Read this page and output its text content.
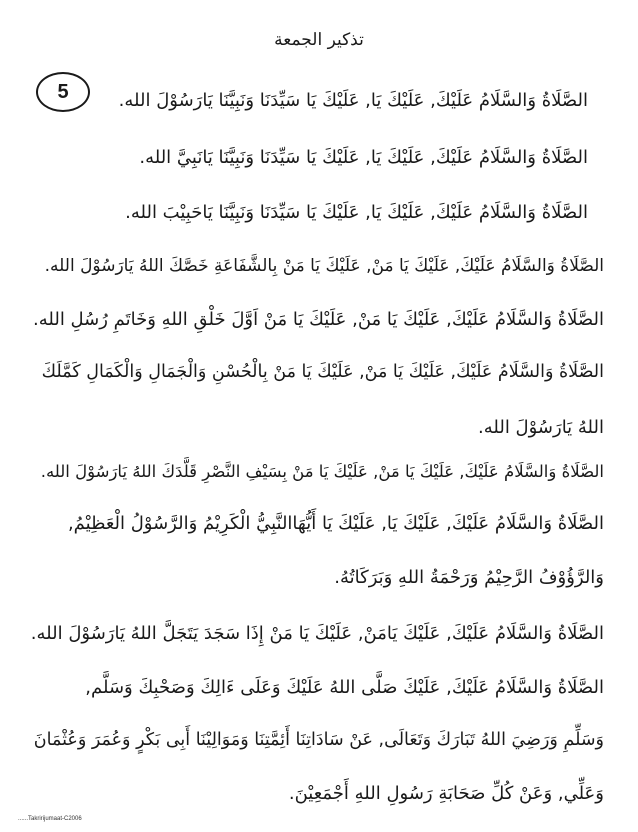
تذكير الجمعة
5	الصَّلَاةُ وَالسَّلَامُ عَلَيْكَ, عَلَيْكَ يَا, عَلَيْكَ يَا سَيِّدَنَا وَنَبِيَّنَا يَارَسُوْلَ الله.
الصَّلَاةُ وَالسَّلَامُ عَلَيْكَ, عَلَيْكَ يَا, عَلَيْكَ يَا سَيِّدَنَا وَنَبِيَّنَا يَانَبِيَّ الله.
الصَّلَاةُ وَالسَّلَامُ عَلَيْكَ, عَلَيْكَ يَا, عَلَيْكَ يَا سَيِّدَنَا وَنَبِيَّنَا يَاحَبِيْبَ الله.
الصَّلَاةُ وَالسَّلَامُ عَلَيْكَ, عَلَيْكَ يَا مَنْ, عَلَيْكَ يَا مَنْ بِالشَّفَاعَةِ خَصَّكَ اللهُ يَارَسُوْلَ الله.
الصَّلَاةُ وَالسَّلَامُ عَلَيْكَ, عَلَيْكَ يَا مَنْ, عَلَيْكَ يَا مَنْ اَوَّلَ خَلْقِ اللهِ وَخَاتَمِ رُسُلِ الله.
الصَّلَاةُ وَالسَّلَامُ عَلَيْكَ, عَلَيْكَ يَا مَنْ, عَلَيْكَ يَا مَنْ بِالْحُسْنِ وَالْجَمَالِ وَالْكَمَالِ كَمَّلَكَ
اللهُ يَارَسُوْلَ الله.
الصَّلَاةُ وَالسَّلَامُ عَلَيْكَ, عَلَيْكَ يَا مَنْ, عَلَيْكَ يَا مَنْ بِسَيْفِ النَّصْرِ قَلَّدَكَ اللهُ يَارَسُوْلَ الله.
الصَّلَاةُ وَالسَّلَامُ عَلَيْكَ, عَلَيْكَ يَا, عَلَيْكَ يَا أَيُّهَاالنَّبِيُّ الْكَرِيْمُ وَالرَّسُوْلُ الْعَظِيْمُ,
وَالرَّؤُوْفُ الرَّحِيْمُ وَرَحْمَةُ اللهِ وَبَرَكَاتُهُ.
الصَّلَاةُ وَالسَّلَامُ عَلَيْكَ, عَلَيْكَ يَامَنْ, عَلَيْكَ يَا مَنْ إِذَا سَجَدَ يَتَجَلَّ اللهُ يَارَسُوْلَ الله.
الصَّلَاةُ وَالسَّلَامُ عَلَيْكَ, عَلَيْكَ صَلَّى اللهُ عَلَيْكَ وَعَلَى ءَالِكَ وَصَحْبِكَ وَسَلَّم,
وَسَلِّمِ وَرَضِيَ اللهُ تَبَارَكَ وَتَعَالَى, عَنْ سَادَاتِنَا أَئِمَّتِنَا وَمَوَالِيْنَا أَبِى بَكْرٍ وَعُمَرَ وَعُثْمَانَ
وَعَلِّي, وَعَنْ كُلِّ صَحَابَةِ رَسُولِ اللهِ أَجْمَعِيْنَ.
......Takririjumaat-C2006
